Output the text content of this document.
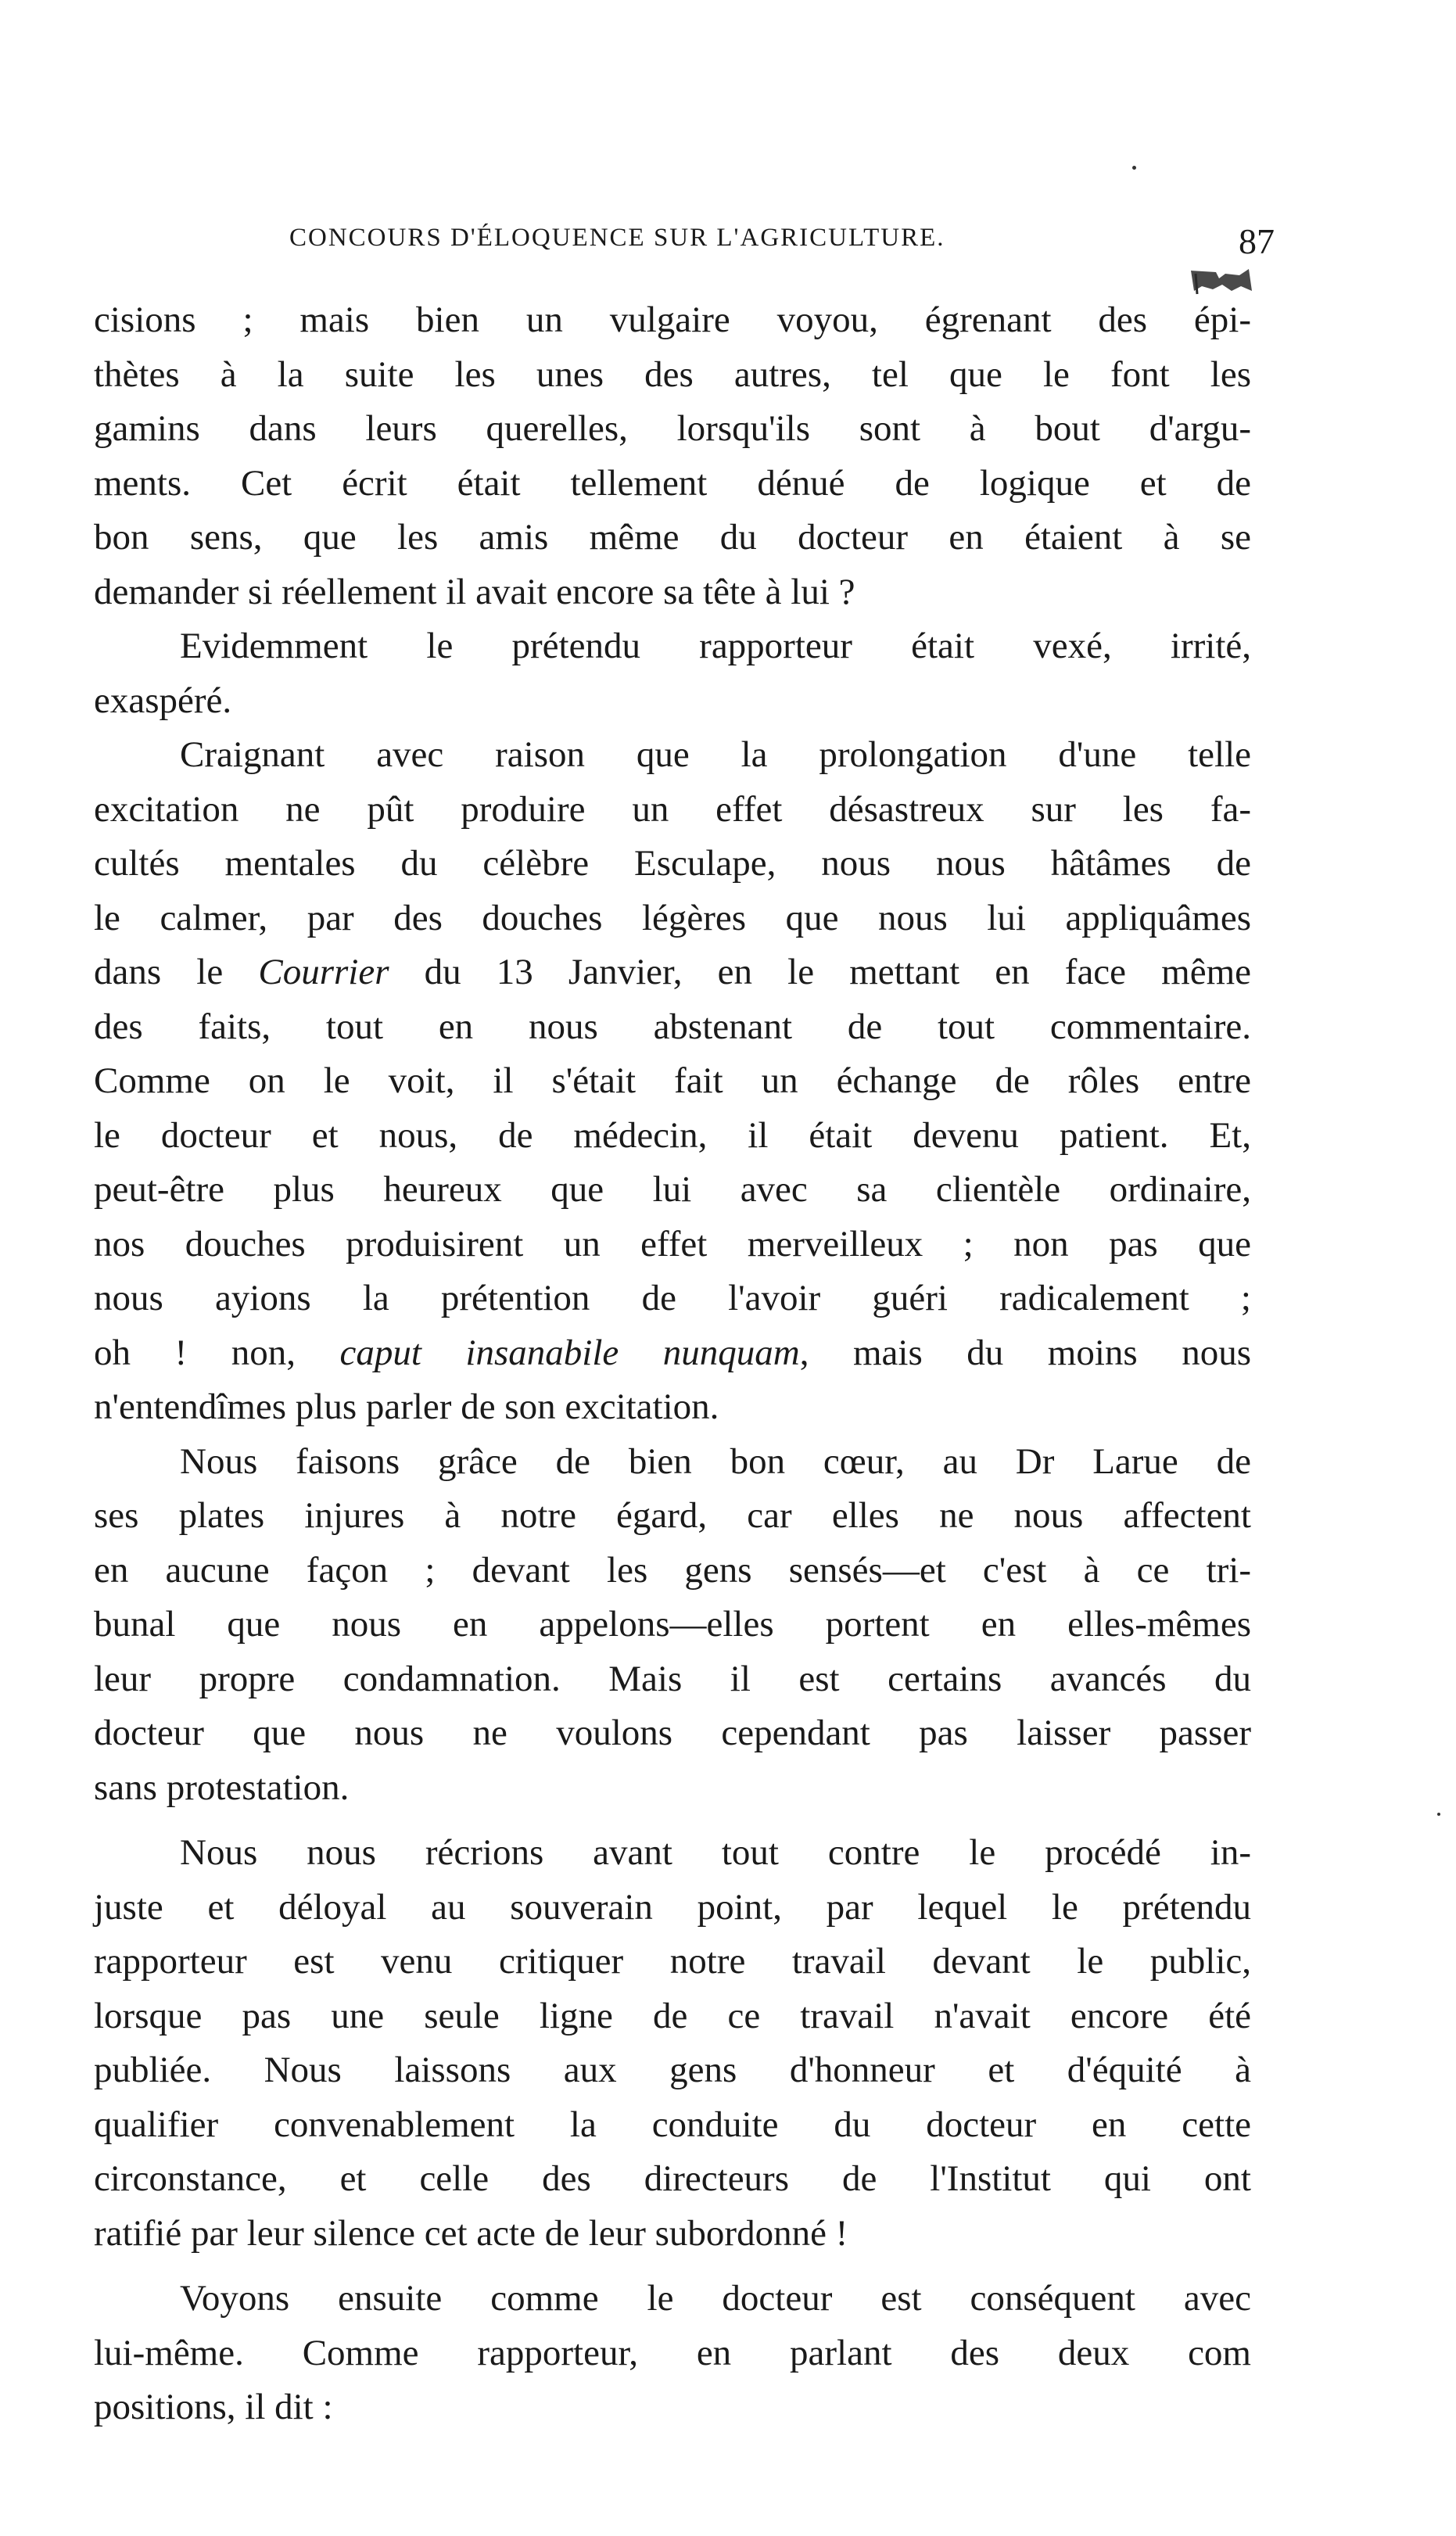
CONCOURS D'ÉLOQUENCE SUR L'AGRICULTURE.	87
cisions ; mais bien un vulgaire voyou, égrenant des épi-
thètes à la suite les unes des autres, tel que le font les
gamins dans leurs querelles, lorsqu'ils sont à bout d'argu-
ments. Cet écrit était tellement dénué de logique et de
bon sens, que les amis même du docteur en étaient à se
demander si réellement il avait encore sa tête à lui ?
Evidemment le prétendu rapporteur était vexé, irrité,
exaspéré.
Craignant avec raison que la prolongation d'une telle
excitation ne pût produire un effet désastreux sur les fa-
cultés mentales du célèbre Esculape, nous nous hâtâmes de
le calmer, par des douches légères que nous lui appliquâmes
dans le Courrier du 13 Janvier, en le mettant en face même
des faits, tout en nous abstenant de tout commentaire.
Comme on le voit, il s'était fait un échange de rôles entre
le docteur et nous, de médecin, il était devenu patient. Et,
peut-être plus heureux que lui avec sa clientèle ordinaire,
nos douches produisirent un effet merveilleux ; non pas que
nous ayions la prétention de l'avoir guéri radicalement ;
oh ! non, caput insanabile nunquam, mais du moins nous
n'entendîmes plus parler de son excitation.
Nous faisons grâce de bien bon cœur, au Dr Larue de
ses plates injures à notre égard, car elles ne nous affectent
en aucune façon ; devant les gens sensés—et c'est à ce tri-
bunal que nous en appelons—elles portent en elles-mêmes
leur propre condamnation. Mais il est certains avancés du
docteur que nous ne voulons cependant pas laisser passer
sans protestation.
Nous nous récrions avant tout contre le procédé in-
juste et déloyal au souverain point, par lequel le prétendu
rapporteur est venu critiquer notre travail devant le public,
lorsque pas une seule ligne de ce travail n'avait encore été
publiée. Nous laissons aux gens d'honneur et d'équité à
qualifier convenablement la conduite du docteur en cette
circonstance, et celle des directeurs de l'Institut qui ont
ratifié par leur silence cet acte de leur subordonné !
Voyons ensuite comme le docteur est conséquent avec
lui-même. Comme rapporteur, en parlant des deux com
positions, il dit :
